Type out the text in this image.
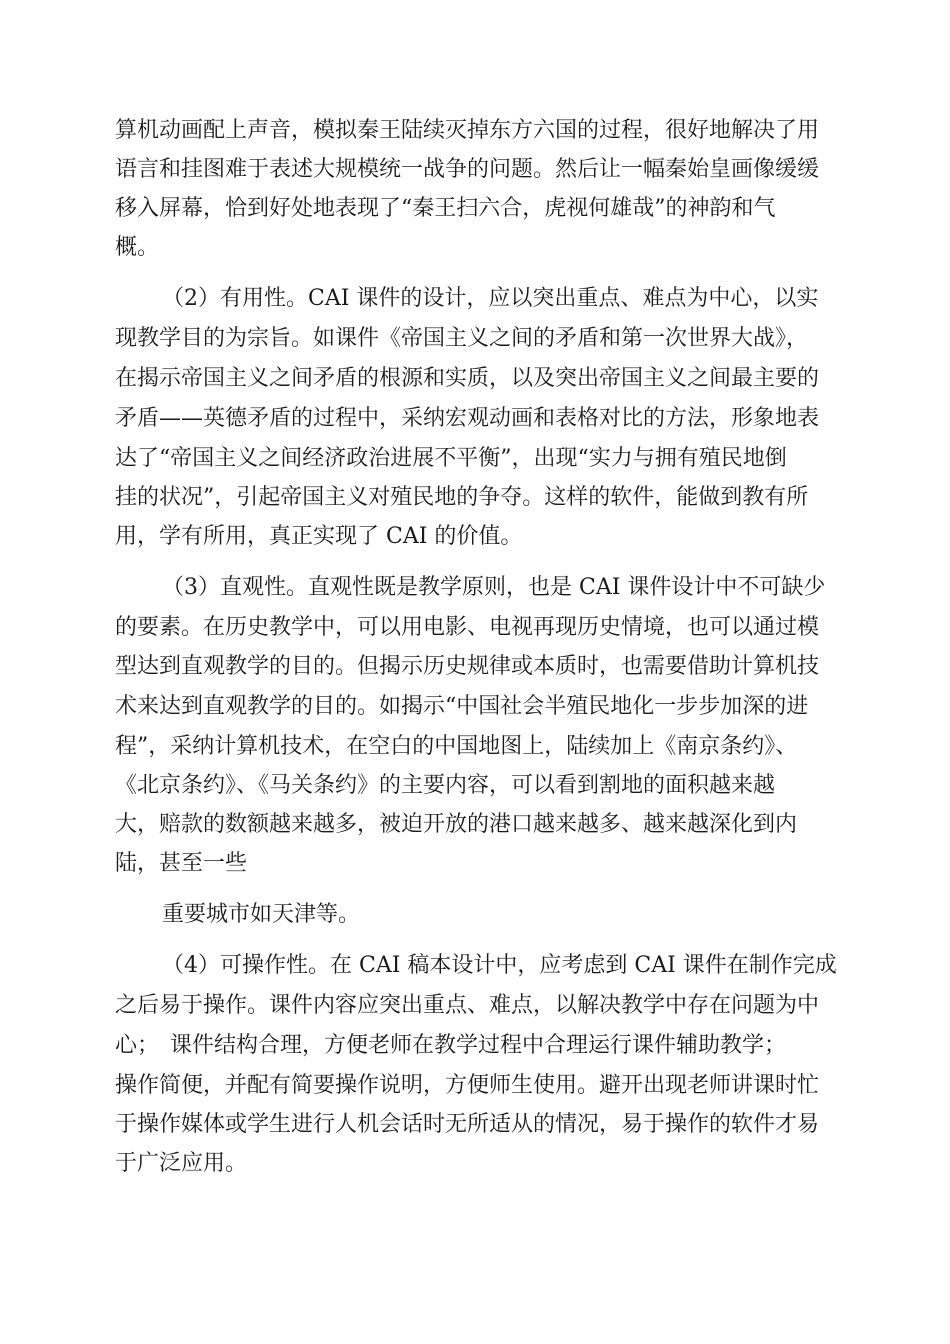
算机动画配上声音，模拟秦王陆续灭掉东方六国的过程，很好地解决了用
语言和挂图难于表述大规模统一战争的问题。然后让一幅秦始皇画像缓缓
移入屏幕，恰到好处地表现了“秦王扫六合，虎视何雄哉”的神韵和气
概。
（2）有用性。CAI 课件的设计，应以突出重点、难点为中心，以实
现教学目的为宗旨。如课件《帝国主义之间的矛盾和第一次世界大战》，
在揭示帝国主义之间矛盾的根源和实质，以及突出帝国主义之间最主要的
矛盾——英德矛盾的过程中，采纳宏观动画和表格对比的方法，形象地表
达了“帝国主义之间经济政治进展不平衡”，出现“实力与拥有殖民地倒
挂的状况”，引起帝国主义对殖民地的争夺。这样的软件，能做到教有所
用，学有所用，真正实现了 CAI 的价值。
（3）直观性。直观性既是教学原则，也是 CAI 课件设计中不可缺少
的要素。在历史教学中，可以用电影、电视再现历史情境，也可以通过模
型达到直观教学的目的。但揭示历史规律或本质时，也需要借助计算机技
术来达到直观教学的目的。如揭示“中国社会半殖民地化一步步加深的进
程”，采纳计算机技术，在空白的中国地图上，陆续加上《南京条约》、
《北京条约》、《马关条约》的主要内容，可以看到割地的面积越来越
大，赔款的数额越来越多，被迫开放的港口越来越多、越来越深化到内
陆，甚至一些
重要城市如天津等。
（4）可操作性。在 CAI 稿本设计中，应考虑到 CAI 课件在制作完成
之后易于操作。课件内容应突出重点、难点，以解决教学中存在问题为中
心；　课件结构合理，方便老师在教学过程中合理运行课件辅助教学；
操作简便，并配有简要操作说明，方便师生使用。避开出现老师讲课时忙
于操作媒体或学生进行人机会话时无所适从的情况，易于操作的软件才易
于广泛应用。
